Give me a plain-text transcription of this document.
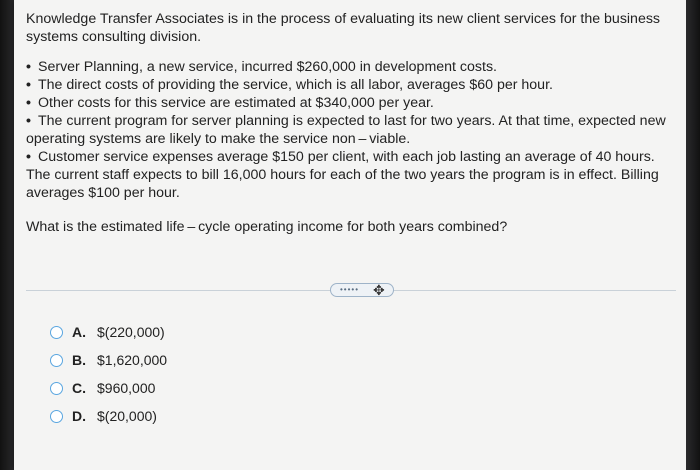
Knowledge Transfer Associates is in the process of evaluating its new client services for the business systems consulting division.

• Server Planning, a new service, incurred $260,000 in development costs.

• The direct costs of providing the service, which is all labor, averages $60 per hour.

• Other costs for this service are estimated at $340,000 per year.

• The current program for server planning is expected to last for two years. At that time, expected new operating systems are likely to make the service non – viable.

• Customer service expenses average $150 per client, with each job lasting an average of 40 hours. The current staff expects to bill 16,000 hours for each of the two years the program is in effect. Billing averages $100 per hour.

What is the estimated life – cycle operating income for both years combined?

••••• ✥
A. $(220,000)
B. $1,620,000
C. $960,000
D. $(20,000)
